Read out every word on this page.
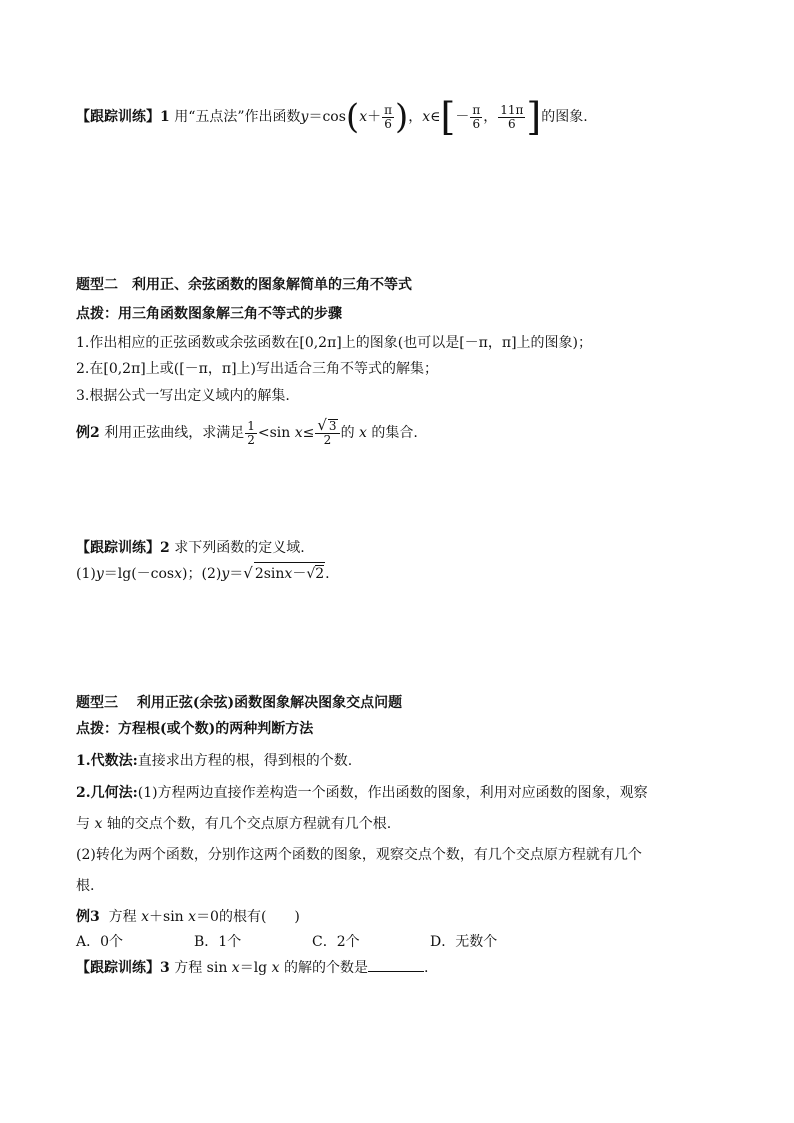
【跟踪训练】1 用“五点法”作出函数$y=\cos(x+ \frac{\pi}{6}$ )，x∈[－ $\frac{\pi}{6}$ ， $\frac{11\pi}{6}$ ]的图象.
题型二　利用正、余弦函数的图象解简单的三角不等式
点拨：用三角函数图象解三角不等式的步骤
1.作出相应的正弦函数或余弦函数在[0,2π]上的图象(也可以是[－π，π]上的图象)；
2.在[0,2π]上或([－π，π]上)写出适合三角不等式的解集；
3.根据公式一写出定义域内的解集.
例2 利用正弦曲线，求满足 $\frac{1}{2} <\sin$ $x\le \frac{√ 3}{2}$ 的 x 的集合.
【跟踪训练】2 求下列函数的定义域.
(1)y＝lg(－cosx)；(2)y＝√ 2sinx－√2.
题型三　 利用正弦(余弦)函数图象解决图象交点问题
点拨：方程根(或个数)的两种判断方法
1.代数法:直接求出方程的根，得到根的个数.
2.几何法:(1)方程两边直接作差构造一个函数，作出函数的图象，利用对应函数的图象，观察
与 x 轴的交点个数，有几个交点原方程就有几个根.
(2)转化为两个函数，分别作这两个函数的图象，观察交点个数，有几个交点原方程就有几个
根.
例3 方程 x＋sin x＝0的根有(　　)
A．0个	B．1个	C．2个	D．无数个
【跟踪训练】3 方程 sin x＝lg x 的解的个数是	.
